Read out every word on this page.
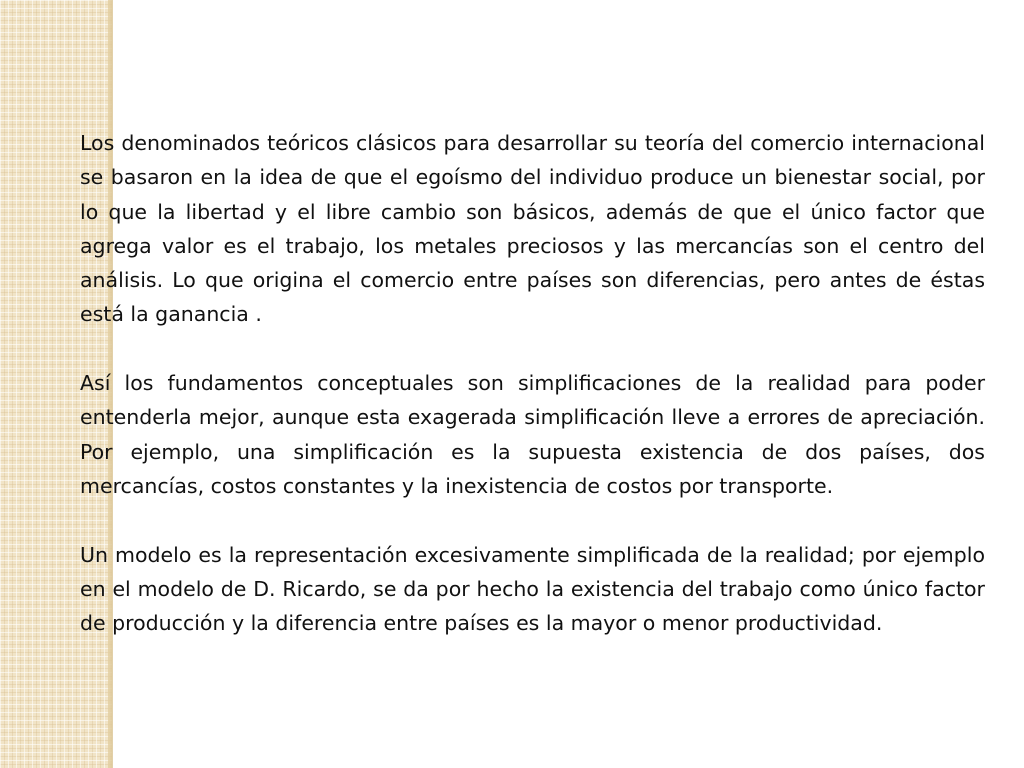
Los denominados teóricos clásicos para desarrollar su teoría del comercio internacional se basaron en la idea de que el egoísmo del individuo produce un bienestar social, por lo que la libertad y el libre cambio son básicos, además de que el único factor que agrega valor es el trabajo, los metales preciosos y las mercancías son el centro del análisis. Lo que origina el comercio entre países son diferencias, pero antes de éstas está la ganancia .

Así los fundamentos conceptuales son simplificaciones de la realidad para poder entenderla mejor, aunque esta exagerada simplificación lleve a errores de apreciación. Por ejemplo, una simplificación es la supuesta existencia de dos países, dos mercancías, costos constantes y la inexistencia de costos por transporte.

Un modelo es la representación excesivamente simplificada de la realidad; por ejemplo en el modelo de D. Ricardo, se da por hecho la existencia del trabajo como único factor de producción y la diferencia entre países es la mayor o menor productividad.
